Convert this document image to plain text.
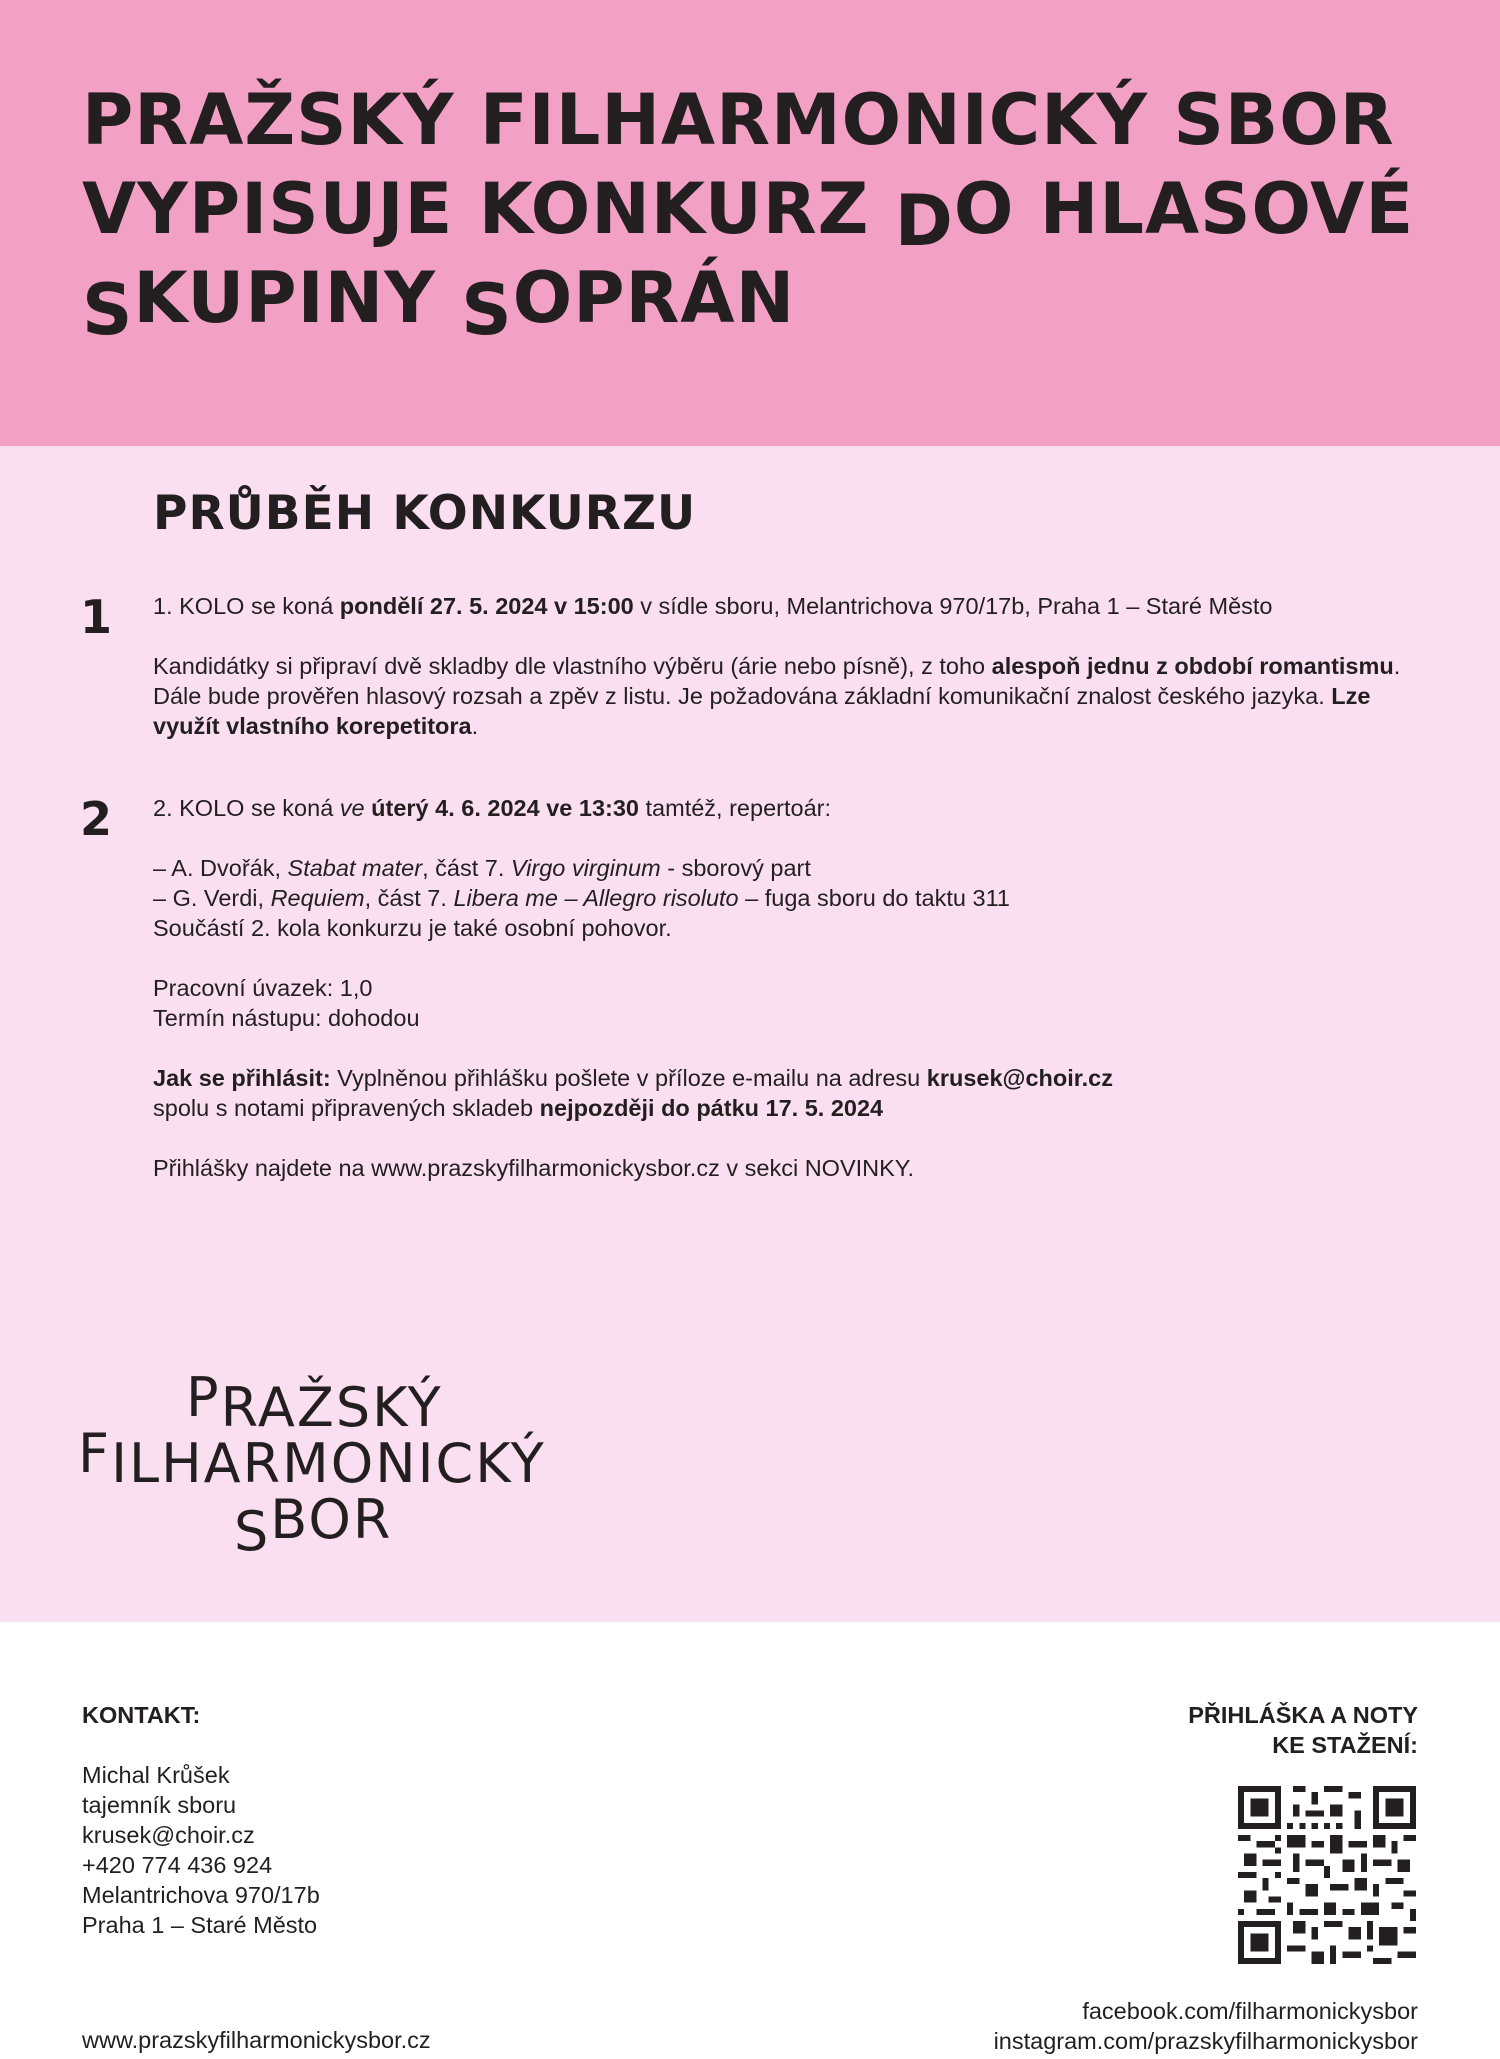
PRAŽSKÝ FILHARMONICKÝ SBOR
VYPISUJE KONKURZ DO HLASOVÉ
SKUPINY SOPRÁN
PRŮBĚH KONKURZU
1 1. KOLO se koná pondělí 27. 5. 2024 v 15:00 v sídle sboru, Melantrichova 970/17b, Praha 1 – Staré Město

Kandidátky si připraví dvě skladby dle vlastního výběru (árie nebo písně), z toho alespoň jednu z období romantismu. Dále bude prověřen hlasový rozsah a zpěv z listu. Je požadována základní komunikační znalost českého jazyka. Lze využít vlastního korepetitora.

2 2. KOLO se koná ve úterý 4. 6. 2024 ve 13:30 tamtéž, repertoár:

– A. Dvořák, Stabat mater, část 7. Virgo virginum - sborový part

– G. Verdi, Requiem, část 7. Libera me – Allegro risoluto – fuga sboru do taktu 311

Součástí 2. kola konkurzu je také osobní pohovor.

Pracovní úvazek: 1,0

Termín nástupu: dohodou

Jak se přihlásit: Vyplněnou přihlášku pošlete v příloze e-mailu na adresu krusek@choir.cz

spolu s notami připravených skladeb nejpozději do pátku 17. 5. 2024

Přihlášky najdete na www.prazskyfilharmonickysbor.cz v sekci NOVINKY.

PRAŽSKÝ
FILHARMONICKÝ
SBOR
KONTAKT:
Michal Krůšek
tajemník sboru
krusek@choir.cz
+420 774 436 924
Melantrichova 970/17b
Praha 1 – Staré Město
PŘIHLÁŠKA A NOTY
KE STAŽENÍ:
www.prazskyfilharmonickysbor.cz
facebook.com/filharmonickysbor
instagram.com/prazskyfilharmonickysbor
